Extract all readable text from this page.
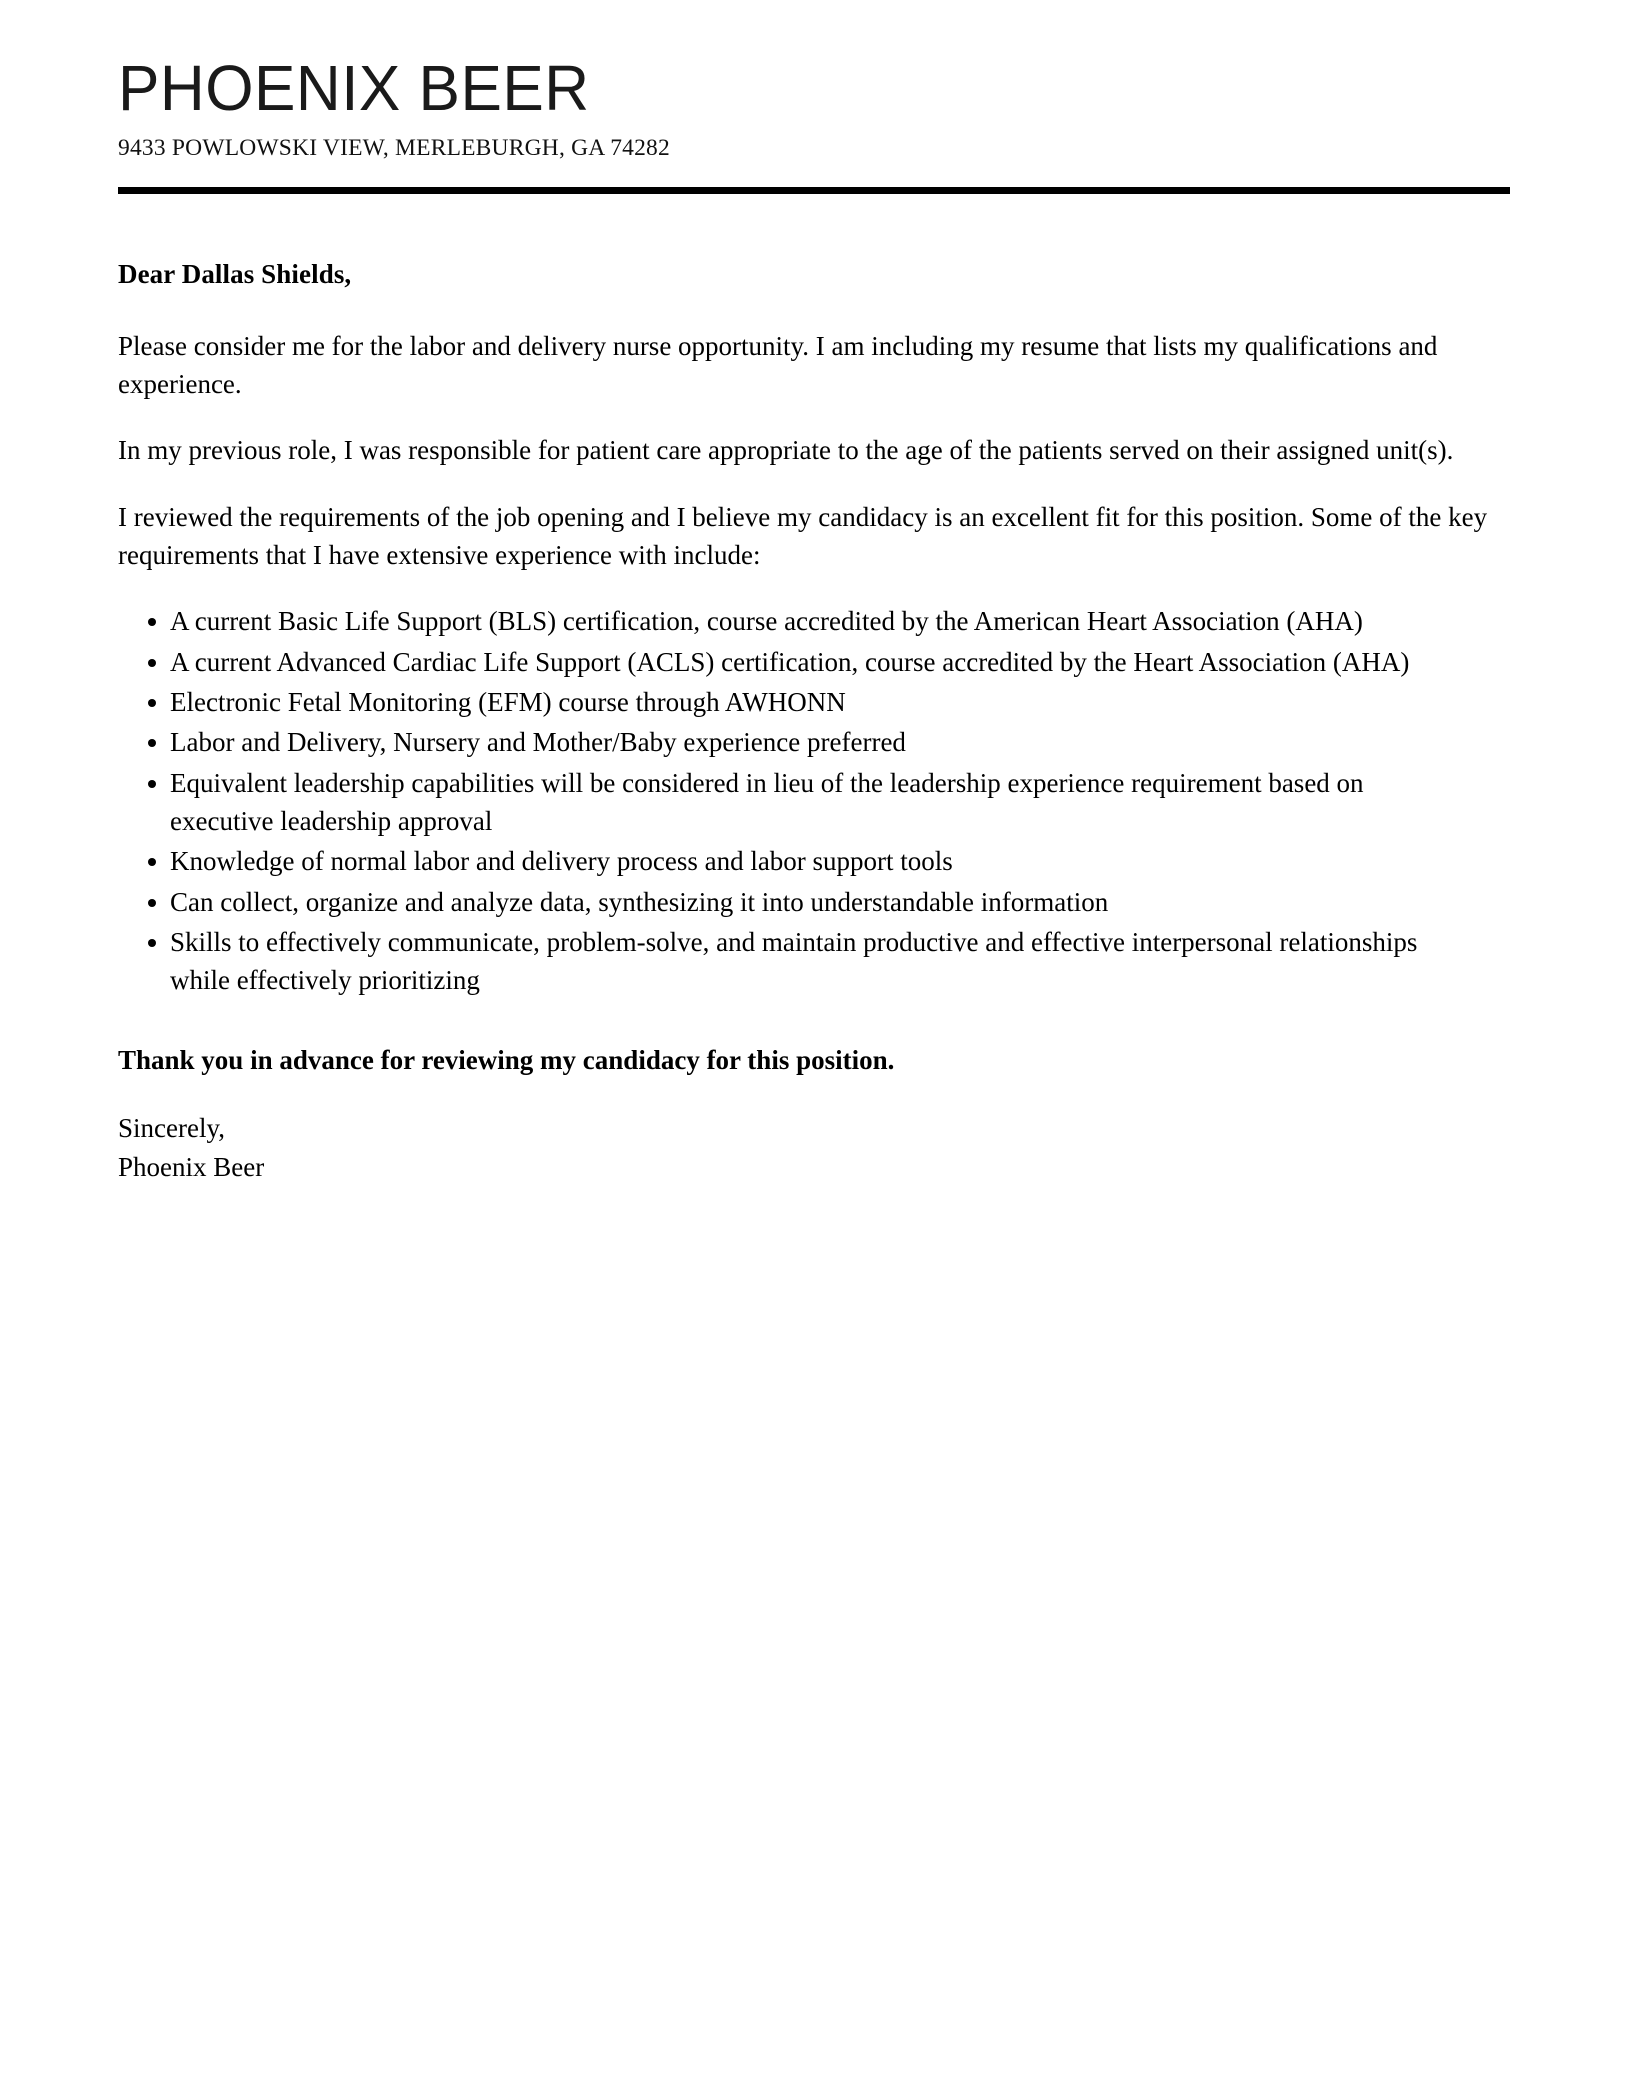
PHOENIX BEER

9433 POWLOWSKI VIEW, MERLEBURGH, GA 74282

Dear Dallas Shields,

Please consider me for the labor and delivery nurse opportunity. I am including my resume that lists my qualifications and experience.

In my previous role, I was responsible for patient care appropriate to the age of the patients served on their assigned unit(s).

I reviewed the requirements of the job opening and I believe my candidacy is an excellent fit for this position. Some of the key requirements that I have extensive experience with include:

A current Basic Life Support (BLS) certification, course accredited by the American Heart Association (AHA)
A current Advanced Cardiac Life Support (ACLS) certification, course accredited by the Heart Association (AHA)
Electronic Fetal Monitoring (EFM) course through AWHONN
Labor and Delivery, Nursery and Mother/Baby experience preferred
Equivalent leadership capabilities will be considered in lieu of the leadership experience requirement based on executive leadership approval
Knowledge of normal labor and delivery process and labor support tools
Can collect, organize and analyze data, synthesizing it into understandable information
Skills to effectively communicate, problem-solve, and maintain productive and effective interpersonal relationships while effectively prioritizing

Thank you in advance for reviewing my candidacy for this position.

Sincerely,
Phoenix Beer
